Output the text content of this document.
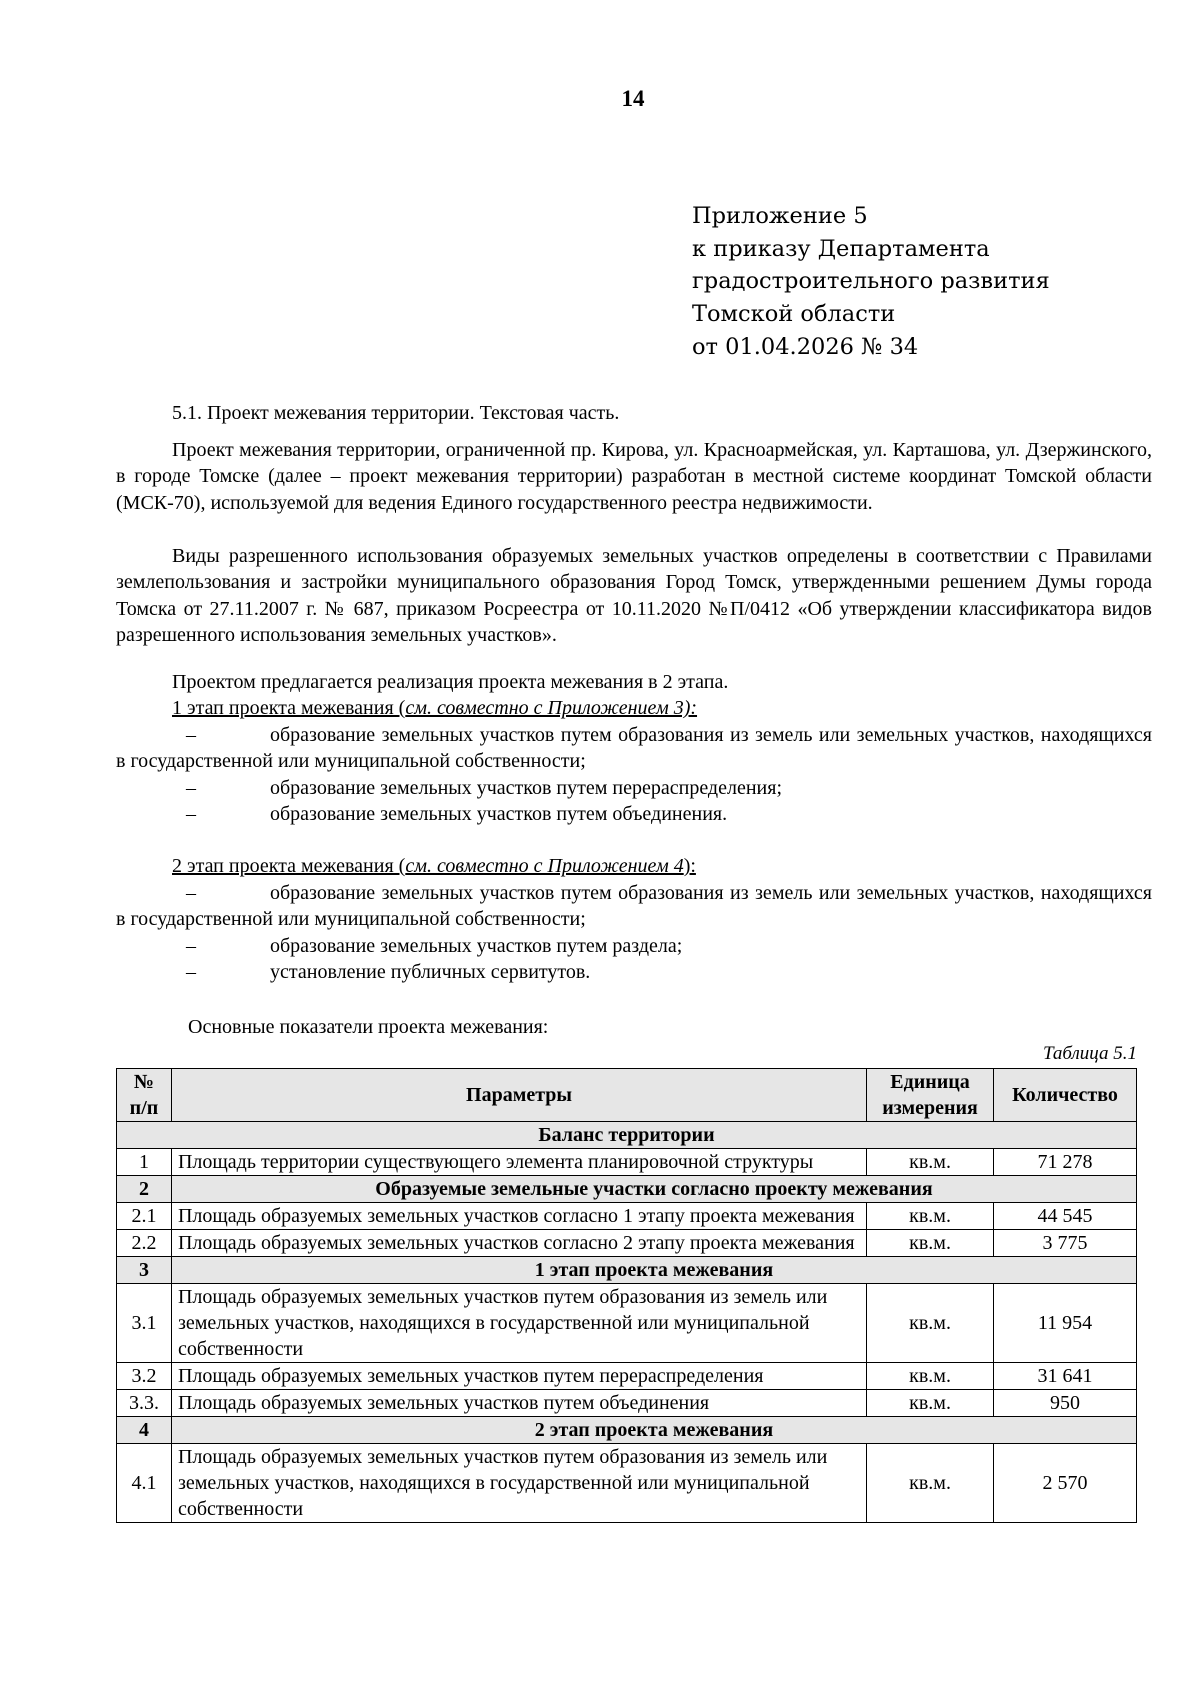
14
Приложение 5
к приказу Департамента
градостроительного развития
Томской области
от 01.04.2026 № 34
5.1. Проект межевания территории. Текстовая часть.
Проект межевания территории, ограниченной пр. Кирова, ул. Красноармейская, ул. Карташова, ул. Дзержинского, в городе Томске (далее – проект межевания территории) разработан в местной системе координат Томской области (МСК-70), используемой для ведения Единого государственного реестра недвижимости.
Виды разрешенного использования образуемых земельных участков определены в соответствии с Правилами землепользования и застройки муниципального образования Город Томск, утвержденными решением Думы города Томска от 27.11.2007 г. № 687, приказом Росреестра от 10.11.2020 №П/0412 «Об утверждении классификатора видов разрешенного использования земельных участков».
Проектом предлагается реализация проекта межевания в 2 этапа.
1 этап проекта межевания (см. совместно с Приложением 3):
–	образование земельных участков путем образования из земель или земельных участков, находящихся в государственной или муниципальной собственности;
–	образование земельных участков путем перераспределения;
–	образование земельных участков путем объединения.
2 этап проекта межевания (см. совместно с Приложением 4):
–	образование земельных участков путем образования из земель или земельных участков, находящихся в государственной или муниципальной собственности;
–	образование земельных участков путем раздела;
–	установление публичных сервитутов.
Основные показатели проекта межевания:
Таблица 5.1
№ п/п	Параметры	Единица измерения	Количество
Баланс территории			
1	Площадь территории существующего элемента планировочной структуры	кв.м.	71 278
2	Образуемые земельные участки согласно проекту межевания		
2.1	Площадь образуемых земельных участков согласно 1 этапу проекта межевания	кв.м.	44 545
2.2	Площадь образуемых земельных участков согласно 2 этапу проекта межевания	кв.м.	3 775
3	1 этап проекта межевания		
3.1	Площадь образуемых земельных участков путем образования из земель или земельных участков, находящихся в государственной или муниципальной собственности	кв.м.	11 954
3.2	Площадь образуемых земельных участков путем перераспределения	кв.м.	31 641
3.3.	Площадь образуемых земельных участков путем объединения	кв.м.	950
4	2 этап проекта межевания		
4.1	Площадь образуемых земельных участков путем образования из земель или земельных участков, находящихся в государственной или муниципальной собственности	кв.м.	2 570
